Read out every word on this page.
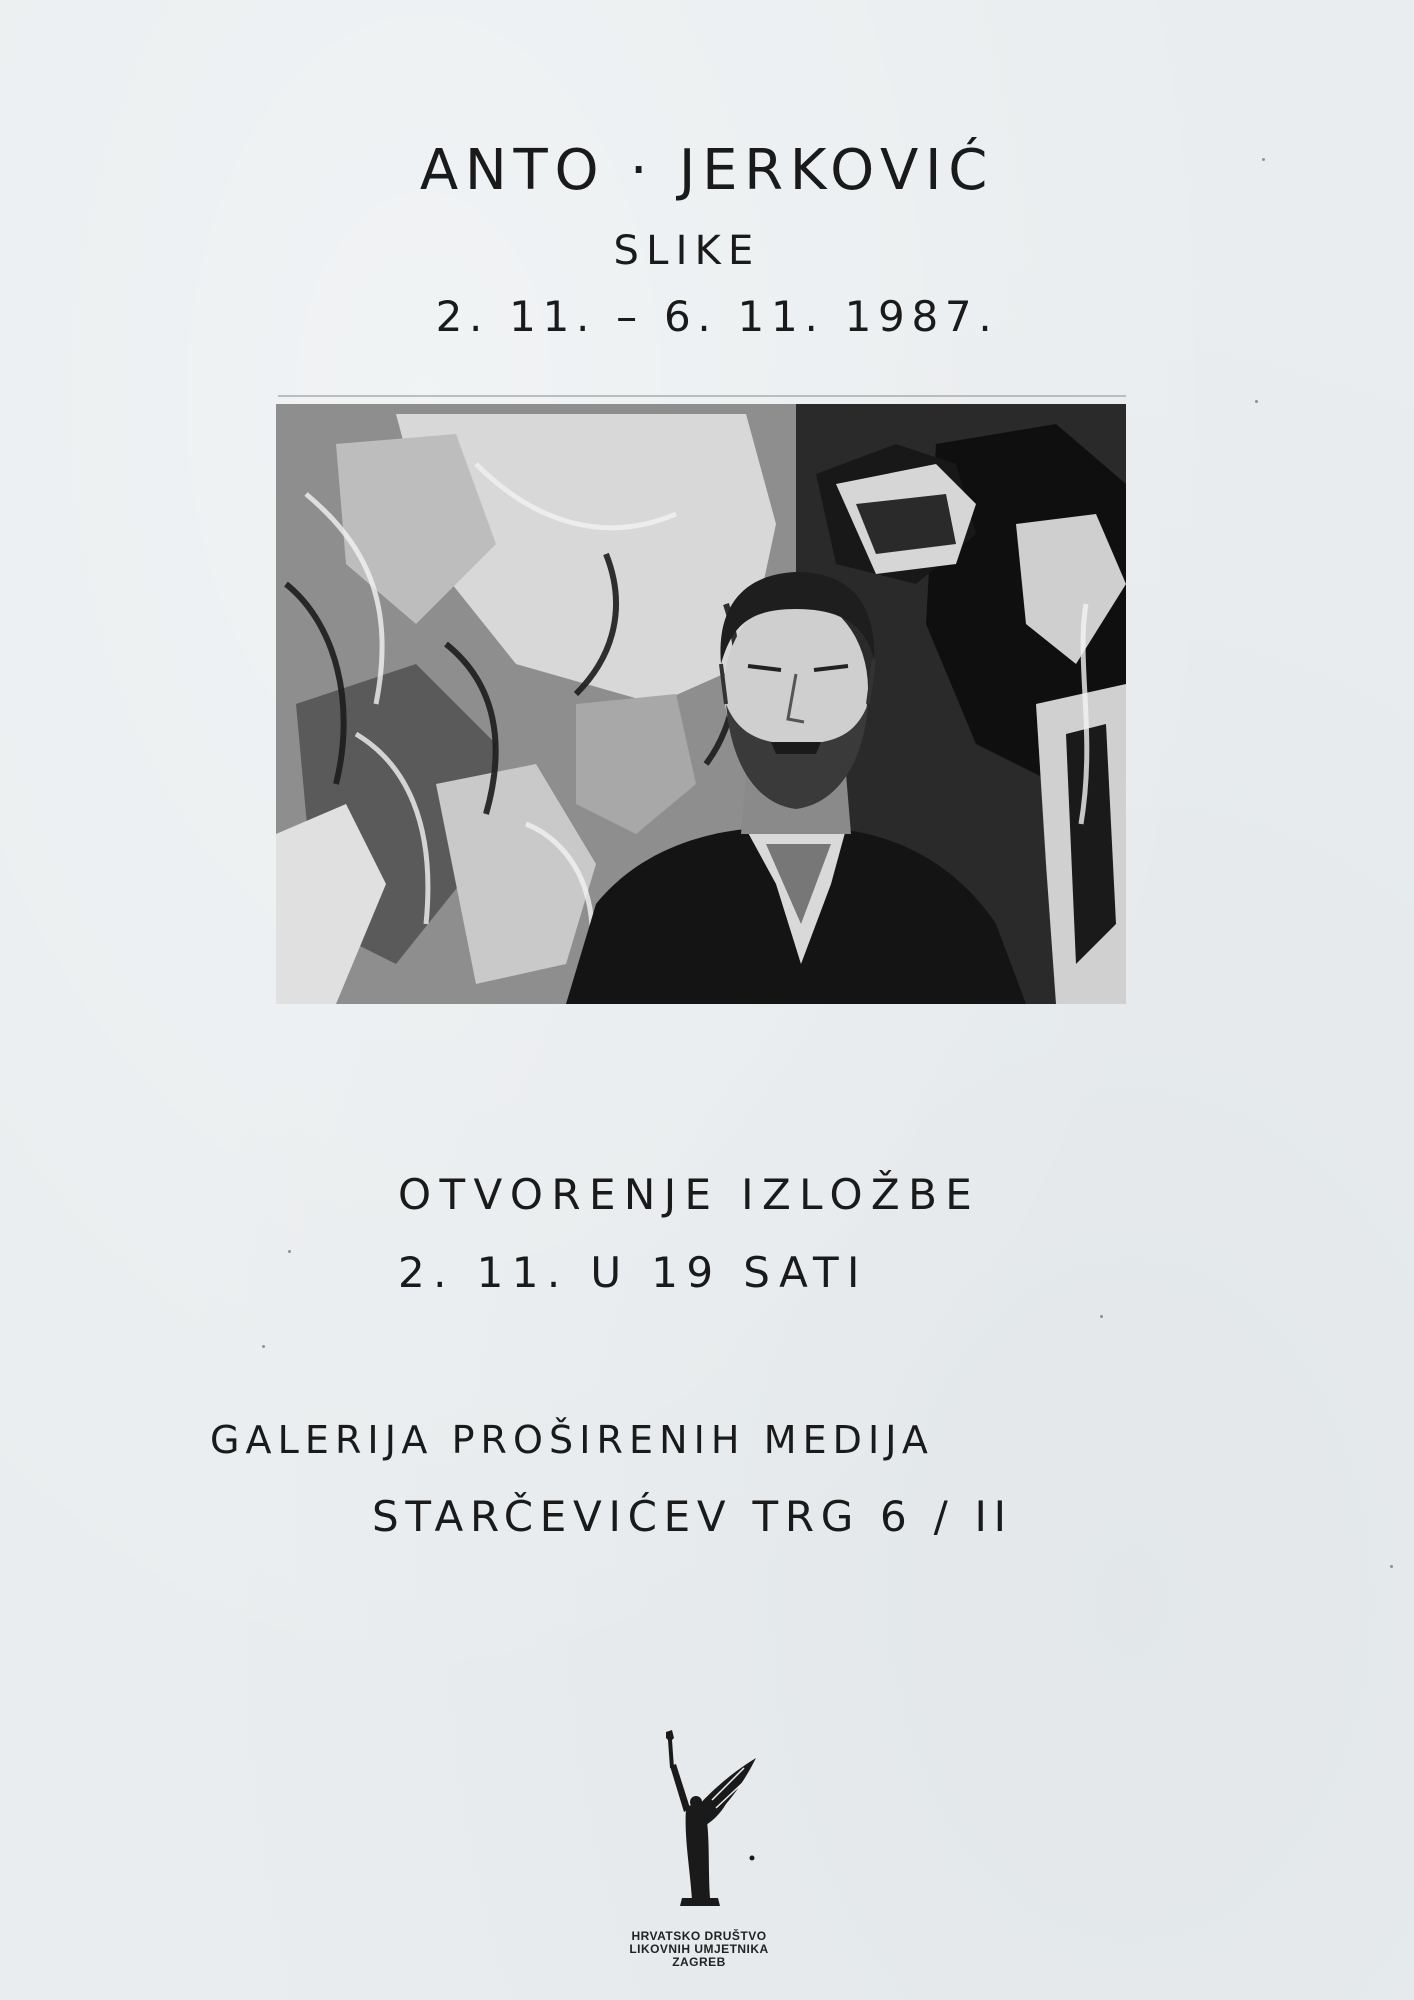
ANTO · JERKOVIĆ
SLIKE
2. 11. – 6. 11. 1987.
OTVORENJE IZLOŽBE
2. 11. U 19 SATI
GALERIJA PROŠIRENIH MEDIJA
STARČEVIĆEV TRG 6 / II
HRVATSKO DRUŠTVO
LIKOVNIH UMJETNIKA
ZAGREB
